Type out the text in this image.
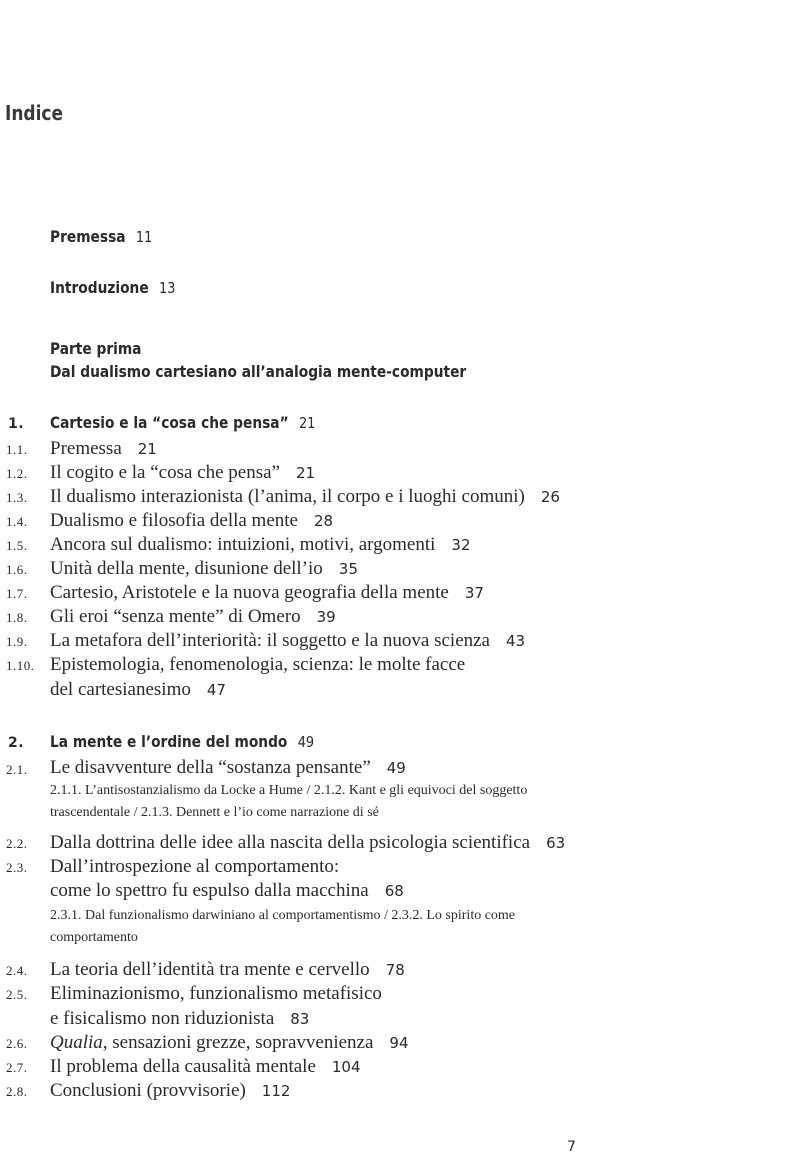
Indice
Premessa 11
Introduzione 13
Parte prima
Dal dualismo cartesiano all’analogia mente-computer
1. Cartesio e la “cosa che pensa” 21
1.1. Premessa 21
1.2. Il cogito e la “cosa che pensa” 21
1.3. Il dualismo interazionista (l’anima, il corpo e i luoghi comuni) 26
1.4. Dualismo e filosofia della mente 28
1.5. Ancora sul dualismo: intuizioni, motivi, argomenti 32
1.6. Unità della mente, disunione dell’io 35
1.7. Cartesio, Aristotele e la nuova geografia della mente 37
1.8. Gli eroi “senza mente” di Omero 39
1.9. La metafora dell’interiorità: il soggetto e la nuova scienza 43
1.10. Epistemologia, fenomenologia, scienza: le molte facce
del cartesianesimo 47
2. La mente e l’ordine del mondo 49
2.1. Le disavventure della “sostanza pensante” 49
2.1.1. L’antisostanzialismo da Locke a Hume / 2.1.2. Kant e gli equivoci del soggetto trascendentale / 2.1.3. Dennett e l’io come narrazione di sé
2.2. Dalla dottrina delle idee alla nascita della psicologia scientifica 63
2.3. Dall’introspezione al comportamento:
come lo spettro fu espulso dalla macchina 68
2.3.1. Dal funzionalismo darwiniano al comportamentismo / 2.3.2. Lo spirito come comportamento
2.4. La teoria dell’identità tra mente e cervello 78
2.5. Eliminazionismo, funzionalismo metafisico
e fisicalismo non riduzionista 83
2.6. Qualia, sensazioni grezze, sopravvenienza 94
2.7. Il problema della causalità mentale 104
2.8. Conclusioni (provvisorie) 112
7
